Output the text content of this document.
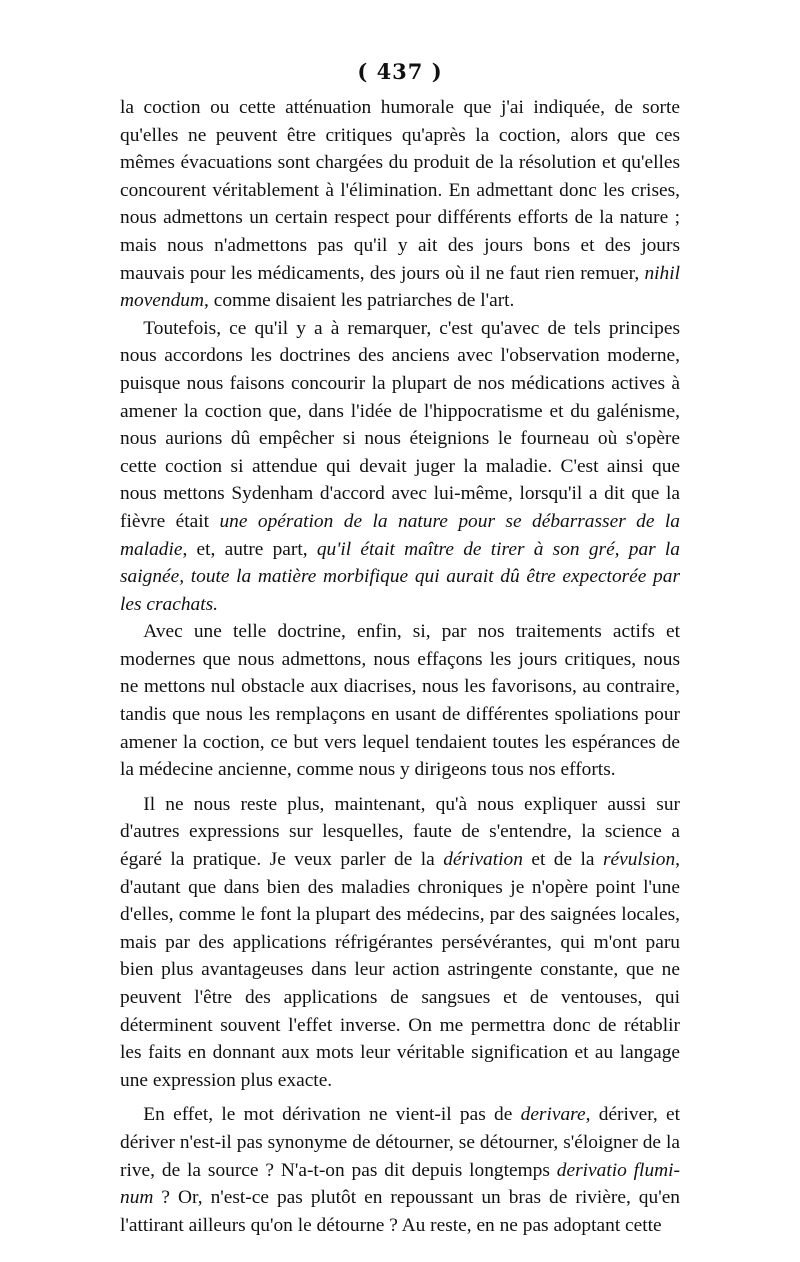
( 437 )

la coction ou cette atténuation humorale que j'ai indiquée, de sorte qu'elles ne peuvent être critiques qu'après la coction, alors que ces mêmes évacuations sont chargées du produit de la résolution et qu'elles concourent véritablement à l'élimination. En admettant donc les crises, nous admettons un certain respect pour différents efforts de la nature ; mais nous n'admettons pas qu'il y ait des jours bons et des jours mauvais pour les médicaments, des jours où il ne faut rien remuer, nihil movendum, comme disaient les patriarches de l'art.

Toutefois, ce qu'il y a à remarquer, c'est qu'avec de tels principes nous accordons les doctrines des anciens avec l'observation moderne, puisque nous faisons concourir la plupart de nos médications actives à amener la coction que, dans l'idée de l'hippocratisme et du galénisme, nous aurions dû empêcher si nous éteignions le fourneau où s'opère cette coction si attendue qui devait juger la maladie. C'est ainsi que nous mettons Sydenham d'accord avec lui-même, lorsqu'il a dit que la fièvre était une opération de la nature pour se débarrasser de la maladie, et, autre part, qu'il était maître de tirer à son gré, par la saignée, toute la matière morbifique qui aurait dû être expectorée par les crachats.

Avec une telle doctrine, enfin, si, par nos traitements actifs et modernes que nous admettons, nous effaçons les jours critiques, nous ne mettons nul obstacle aux diacrises, nous les favorisons, au contraire, tandis que nous les remplaçons en usant de différentes spoliations pour amener la coction, ce but vers lequel tendaient toutes les espérances de la médecine ancienne, comme nous y dirigeons tous nos efforts.

Il ne nous reste plus, maintenant, qu'à nous expliquer aussi sur d'autres expressions sur lesquelles, faute de s'entendre, la science a égaré la pratique. Je veux parler de la dérivation et de la révulsion, d'autant que dans bien des maladies chroniques je n'opère point l'une d'elles, comme le font la plupart des médecins, par des saignées locales, mais par des applications réfrigérantes persévérantes, qui m'ont paru bien plus avantageuses dans leur action astringente constante, que ne peuvent l'être des applications de sangsues et de ventouses, qui déterminent souvent l'effet inverse. On me permettra donc de rétablir les faits en donnant aux mots leur véritable signification et au langage une expression plus exacte.

En effet, le mot dérivation ne vient-il pas de derivare, dériver, et dériver n'est-il pas synonyme de détourner, se détourner, s'éloigner de la rive, de la source ? N'a-t-on pas dit depuis longtemps derivatio flumi-num ? Or, n'est-ce pas plutôt en repoussant un bras de rivière, qu'en l'attirant ailleurs qu'on le détourne ? Au reste, en ne pas adoptant cette
